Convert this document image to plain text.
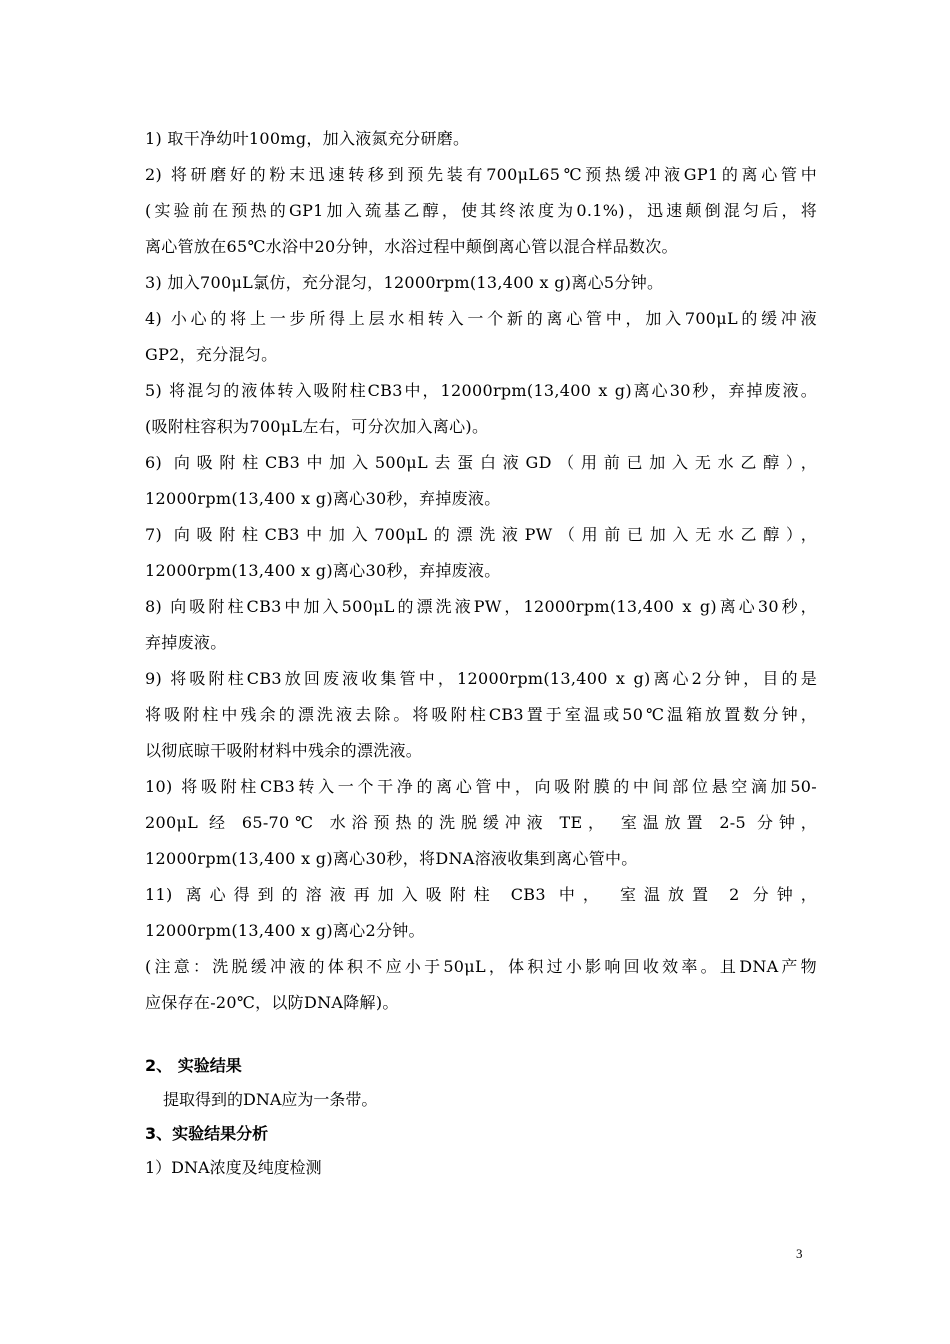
1) 取干净幼叶100mg，加入液氮充分研磨。
2) 将研磨好的粉末迅速转移到预先装有700μL65℃预热缓冲液GP1的离心管中
(实验前在预热的GP1加入巯基乙醇，使其终浓度为0.1%)，迅速颠倒混匀后，将
离心管放在65℃水浴中20分钟，水浴过程中颠倒离心管以混合样品数次。
3) 加入700μL氯仿，充分混匀，12000rpm(13,400 x g)离心5分钟。
4) 小心的将上一步所得上层水相转入一个新的离心管中，加入700μL的缓冲液
GP2，充分混匀。
5) 将混匀的液体转入吸附柱CB3中，12000rpm(13,400 x g)离心30秒，弃掉废液。
(吸附柱容积为700μL左右，可分次加入离心)。
6) 向吸附柱CB3中加入500μL去蛋白液GD（用前已加入无水乙醇），
12000rpm(13,400 x g)离心30秒，弃掉废液。
7) 向吸附柱CB3中加入700μL的漂洗液PW（用前已加入无水乙醇），
12000rpm(13,400 x g)离心30秒，弃掉废液。
8) 向吸附柱CB3中加入500μL的漂洗液PW，12000rpm(13,400 x g)离心30秒，
弃掉废液。
9) 将吸附柱CB3放回废液收集管中，12000rpm(13,400 x g)离心2分钟，目的是
将吸附柱中残余的漂洗液去除。将吸附柱CB3置于室温或50℃温箱放置数分钟，
以彻底晾干吸附材料中残余的漂洗液。
10) 将吸附柱CB3转入一个干净的离心管中，向吸附膜的中间部位悬空滴加50-
200μL 经 65-70℃ 水浴预热的洗脱缓冲液 TE， 室温放置 2-5 分钟，
12000rpm(13,400 x g)离心30秒，将DNA溶液收集到离心管中。
11) 离心得到的溶液再加入吸附柱 CB3 中， 室温放置 2 分钟，
12000rpm(13,400 x g)离心2分钟。
(注意：洗脱缓冲液的体积不应小于50μL，体积过小影响回收效率。且DNA产物
应保存在-20℃，以防DNA降解)。
2、 实验结果
提取得到的DNA应为一条带。
3、实验结果分析
1）DNA浓度及纯度检测
3
